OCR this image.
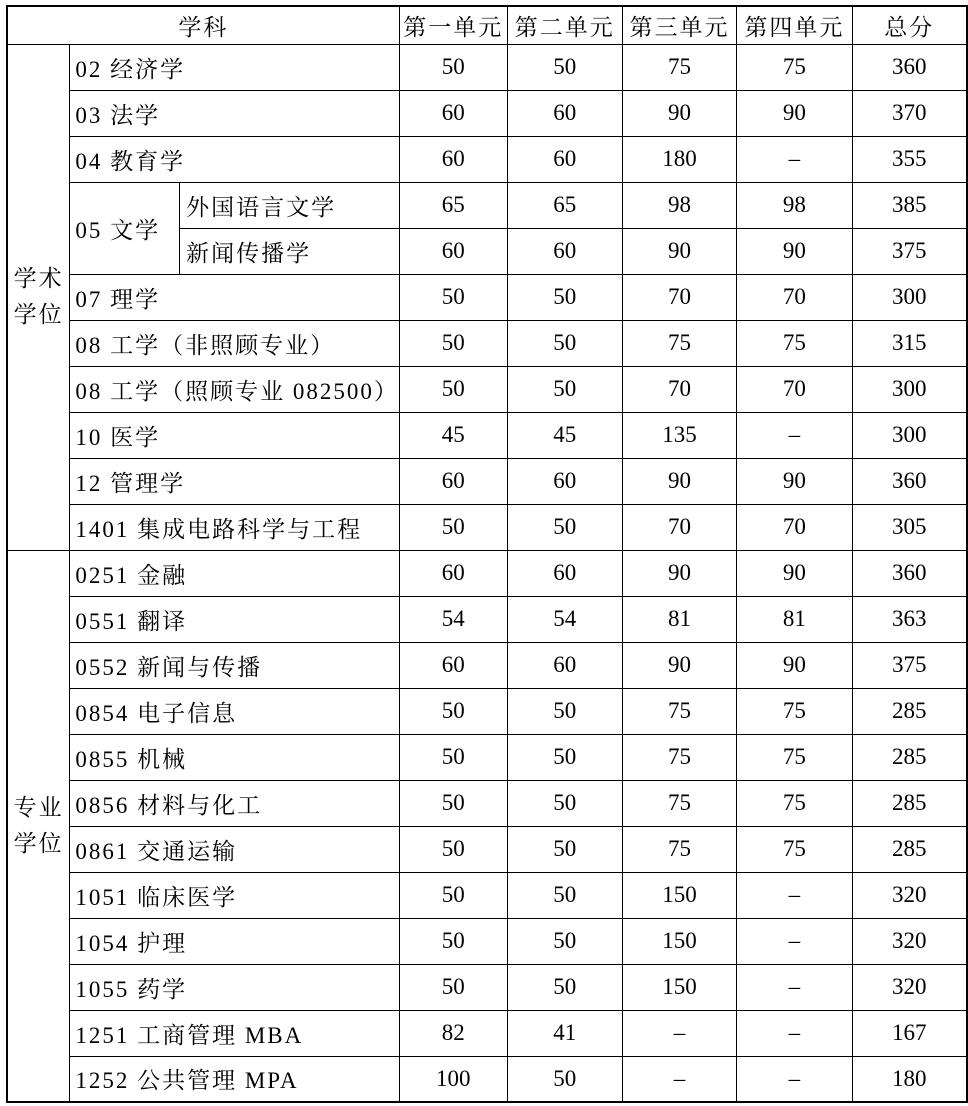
学科			第一单元	第二单元	第三单元	第四单元	总分

学术
学位	02 经济学		50	50	75	75	360
	03 法学		60	60	90	90	370
	04 教育学		60	60	180	–	355
	05 文学	外国语言文学	65	65	98	98	385
		新闻传播学	60	60	90	90	375
	07 理学		50	50	70	70	300
	08 工学（非照顾专业）		50	50	75	75	315
	08 工学（照顾专业 082500）		50	50	70	70	300
	10 医学		45	45	135	–	300
	12 管理学		60	60	90	90	360
	1401 集成电路科学与工程		50	50	70	70	305

专业
学位	0251 金融		60	60	90	90	360
	0551 翻译		54	54	81	81	363
	0552 新闻与传播		60	60	90	90	375
	0854 电子信息		50	50	75	75	285
	0855 机械		50	50	75	75	285
	0856 材料与化工		50	50	75	75	285
	0861 交通运输		50	50	75	75	285
	1051 临床医学		50	50	150	–	320
	1054 护理		50	50	150	–	320
	1055 药学		50	50	150	–	320
	1251 工商管理 MBA		82	41	–	–	167
	1252 公共管理 MPA		100	50	–	–	180
